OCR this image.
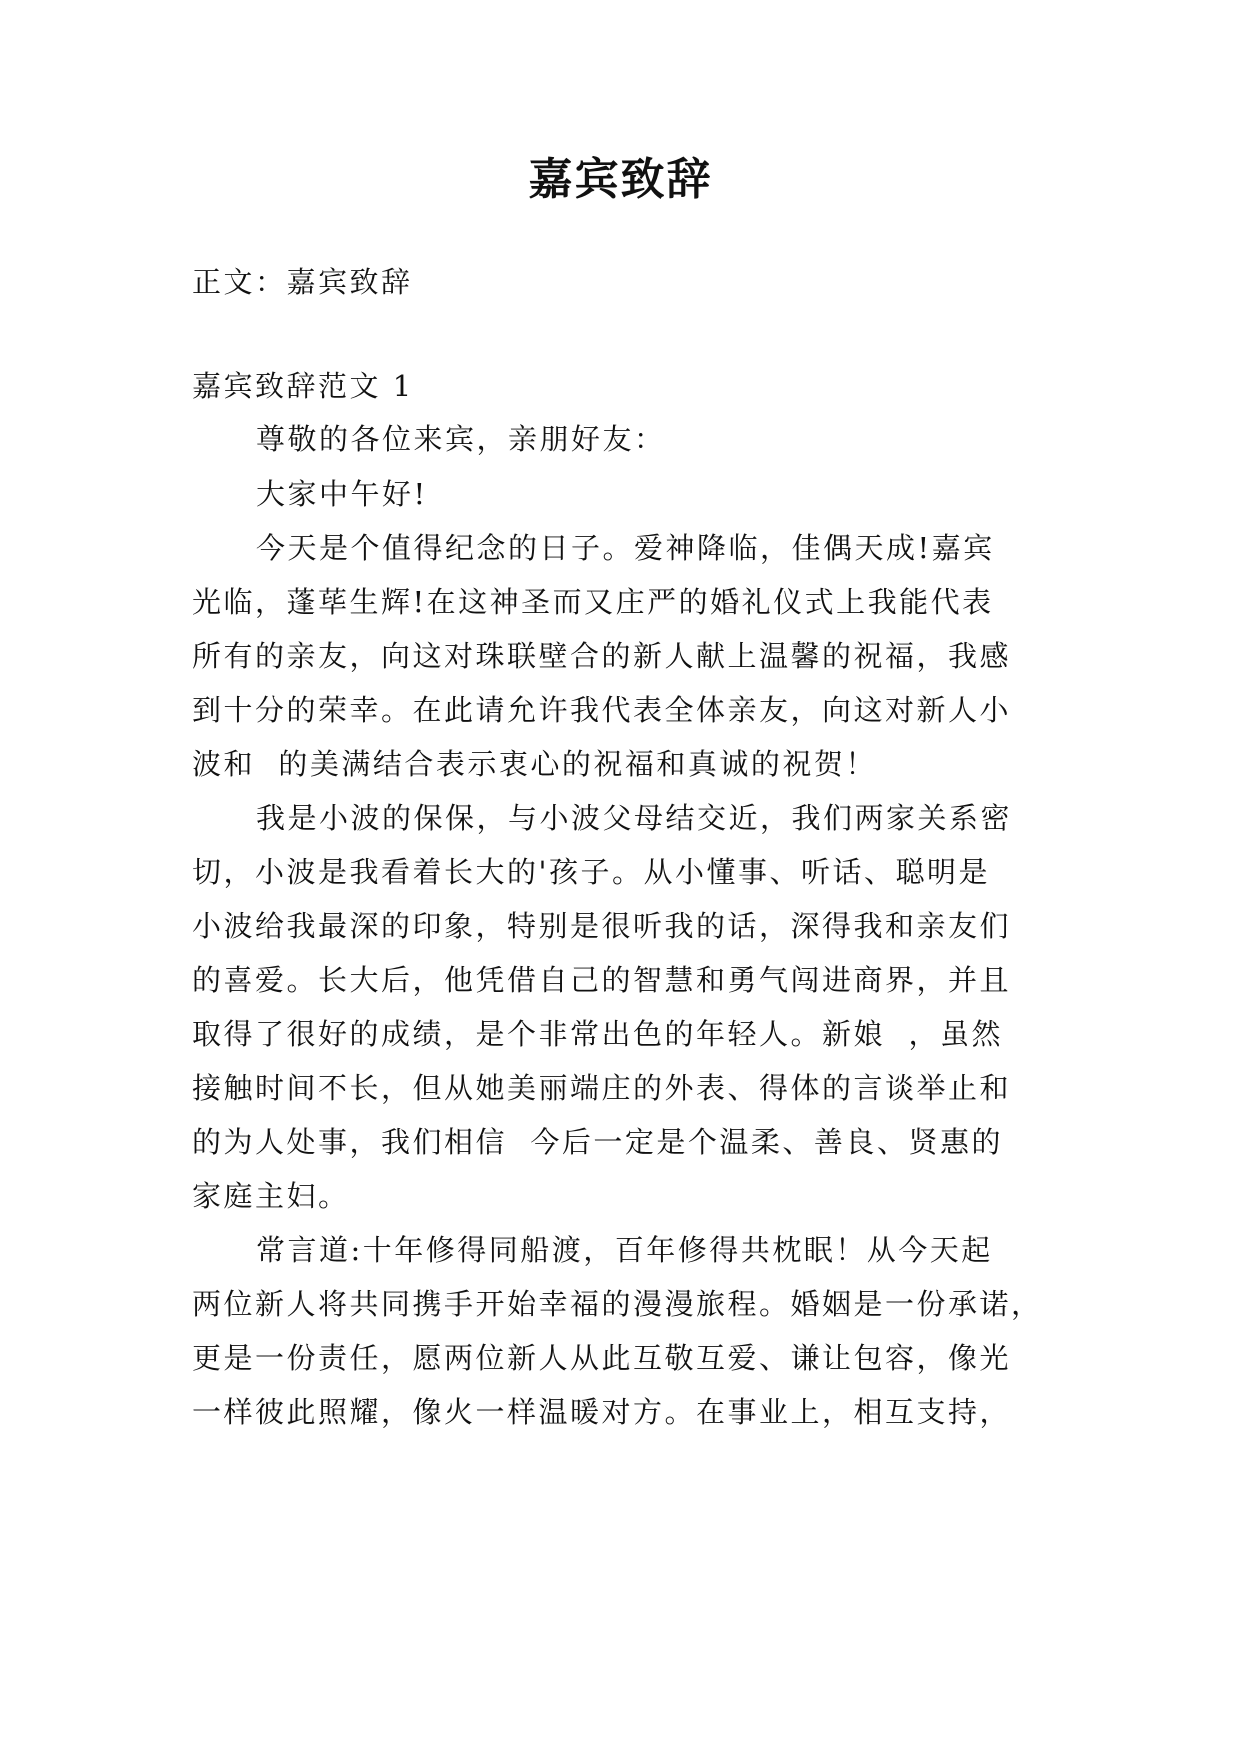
嘉宾致辞

正文：嘉宾致辞

嘉宾致辞范文 1

尊敬的各位来宾，亲朋好友：

大家中午好!

今天是个值得纪念的日子。爱神降临，佳偶天成!嘉宾
光临，蓬荜生辉!在这神圣而又庄严的婚礼仪式上我能代表
所有的亲友，向这对珠联壁合的新人献上温馨的祝福，我感
到十分的荣幸。在此请允许我代表全体亲友，向这对新人小
波和  的美满结合表示衷心的祝福和真诚的祝贺！
我是小波的保保，与小波父母结交近，我们两家关系密
切，小波是我看着长大的'孩子。从小懂事、听话、聪明是
小波给我最深的印象，特别是很听我的话，深得我和亲友们
的喜爱。长大后，他凭借自己的智慧和勇气闯进商界，并且
取得了很好的成绩，是个非常出色的年轻人。新娘  ，虽然
接触时间不长，但从她美丽端庄的外表、得体的言谈举止和
的为人处事，我们相信  今后一定是个温柔、善良、贤惠的
家庭主妇。
常言道:十年修得同船渡，百年修得共枕眠！从今天起
两位新人将共同携手开始幸福的漫漫旅程。婚姻是一份承诺，
更是一份责任，愿两位新人从此互敬互爱、谦让包容，像光
一样彼此照耀，像火一样温暖对方。在事业上，相互支持，
